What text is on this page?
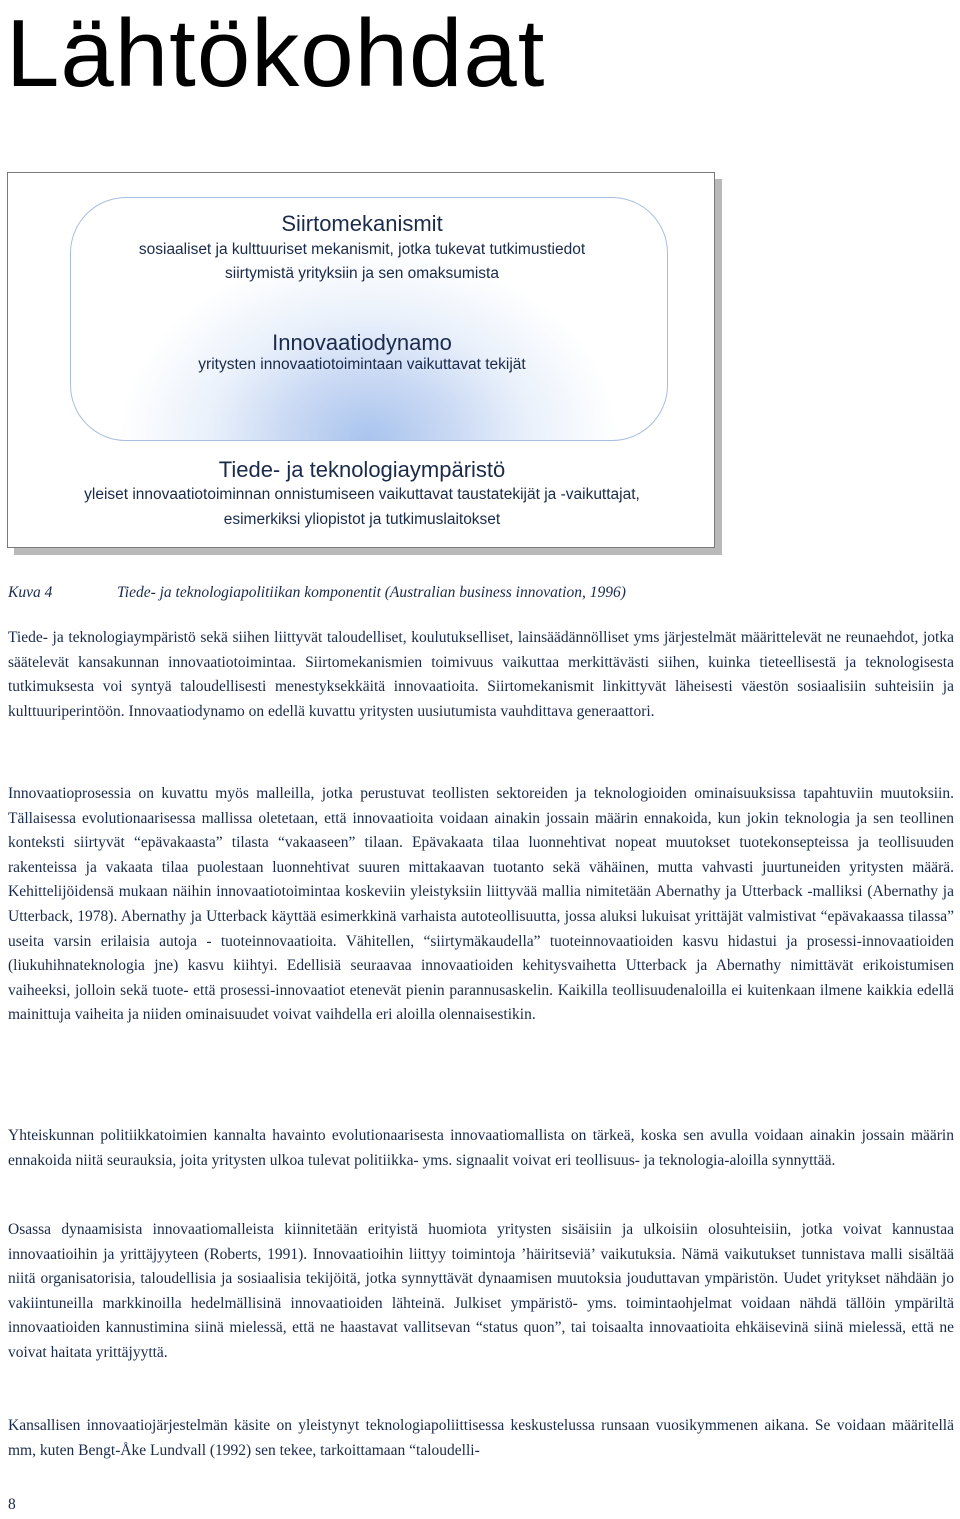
Lähtökohdat
Siirtomekanismit
sosiaaliset ja kulttuuriset mekanismit, jotka tukevat tutkimustiedot
siirtymistä yrityksiin ja sen omaksumista
Innovaatiodynamo
yritysten innovaatiotoimintaan vaikuttavat tekijät
Tiede- ja teknologiaympäristö
yleiset innovaatiotoiminnan onnistumiseen vaikuttavat taustatekijät ja -vaikuttajat,
esimerkiksi yliopistot ja tutkimuslaitokset
Kuva 4	Tiede- ja teknologiapolitiikan komponentit (Australian business innovation, 1996)
Tiede- ja teknologiaympäristö sekä siihen liittyvät taloudelliset, koulutukselliset, lainsäädännölliset yms järjestelmät määrittelevät ne reunaehdot, jotka säätelevät kansakunnan innovaatiotoimintaa. Siirtomekanismien toimivuus vaikuttaa merkittävästi siihen, kuinka tieteellisestä ja teknologisesta tutkimuksesta voi syntyä taloudellisesti menestyksekkäitä innovaatioita. Siirtomekanismit linkittyvät läheisesti väestön sosiaalisiin suhteisiin ja kulttuuriperintöön. Innovaatiodynamo on edellä kuvattu yritysten uusiutumista vauhdittava generaattori.
Innovaatioprosessia on kuvattu myös malleilla, jotka perustuvat teollisten sektoreiden ja teknologioiden ominaisuuksissa tapahtuviin muutoksiin. Tällaisessa evolutionaarisessa mallissa oletetaan, että innovaatioita voidaan ainakin jossain määrin ennakoida, kun jokin teknologia ja sen teollinen konteksti siirtyvät “epävakaasta” tilasta “vakaaseen” tilaan. Epävakaata tilaa luonnehtivat nopeat muutokset tuotekonsepteissa ja teollisuuden rakenteissa ja vakaata tilaa puolestaan luonnehtivat suuren mittakaavan tuotanto sekä vähäinen, mutta vahvasti juurtuneiden yritysten määrä. Kehittelijöidensä mukaan näihin innovaatiotoimintaa koskeviin yleistyksiin liittyvää mallia nimitetään Abernathy ja Utterback -malliksi (Abernathy ja Utterback, 1978). Abernathy ja Utterback käyttää esimerkkinä varhaista autoteollisuutta, jossa aluksi lukuisat yrittäjät valmistivat “epävakaassa tilassa” useita varsin erilaisia autoja - tuoteinnovaatioita. Vähitellen, “siirtymäkaudella” tuoteinnovaatioiden kasvu hidastui ja prosessi-innovaatioiden (liukuhihnateknologia jne) kasvu kiihtyi. Edellisiä seuraavaa innovaatioiden kehitysvaihetta Utterback ja Abernathy nimittävät erikoistumisen vaiheeksi, jolloin sekä tuote- että prosessi-innovaatiot etenevät pienin parannusaskelin. Kaikilla teollisuudenaloilla ei kuitenkaan ilmene kaikkia edellä mainittuja vaiheita ja niiden ominaisuudet voivat vaihdella eri aloilla olennaisestikin.
Yhteiskunnan politiikkatoimien kannalta havainto evolutionaarisesta innovaatiomallista on tärkeä, koska sen avulla voidaan ainakin jossain määrin ennakoida niitä seurauksia, joita yritysten ulkoa tulevat politiikka- yms. signaalit voivat eri teollisuus- ja teknologia-aloilla synnyttää.
Osassa dynaamisista innovaatiomalleista kiinnitetään erityistä huomiota yritysten sisäisiin ja ulkoisiin olosuhteisiin, jotka voivat kannustaa innovaatioihin ja yrittäjyyteen (Roberts, 1991). Innovaatioihin liittyy toimintoja ’häiritseviä’ vaikutuksia. Nämä vaikutukset tunnistava malli sisältää niitä organisatorisia, taloudellisia ja sosiaalisia tekijöitä, jotka synnyttävät dynaamisen muutoksia jouduttavan ympäristön. Uudet yritykset nähdään jo vakiintuneilla markkinoilla hedelmällisinä innovaatioiden lähteinä. Julkiset ympäristö- yms. toimintaohjelmat voidaan nähdä tällöin ympäriltä innovaatioiden kannustimina siinä mielessä, että ne haastavat vallitsevan “status quon”, tai toisaalta innovaatioita ehkäisevinä siinä mielessä, että ne voivat haitata yrittäjyyttä.
Kansallisen innovaatiojärjestelmän käsite on yleistynyt teknologiapoliittisessa keskustelussa runsaan vuosikymmenen aikana. Se voidaan määritellä mm, kuten Bengt-Åke Lundvall (1992) sen tekee, tarkoittamaan “taloudelli-
8
